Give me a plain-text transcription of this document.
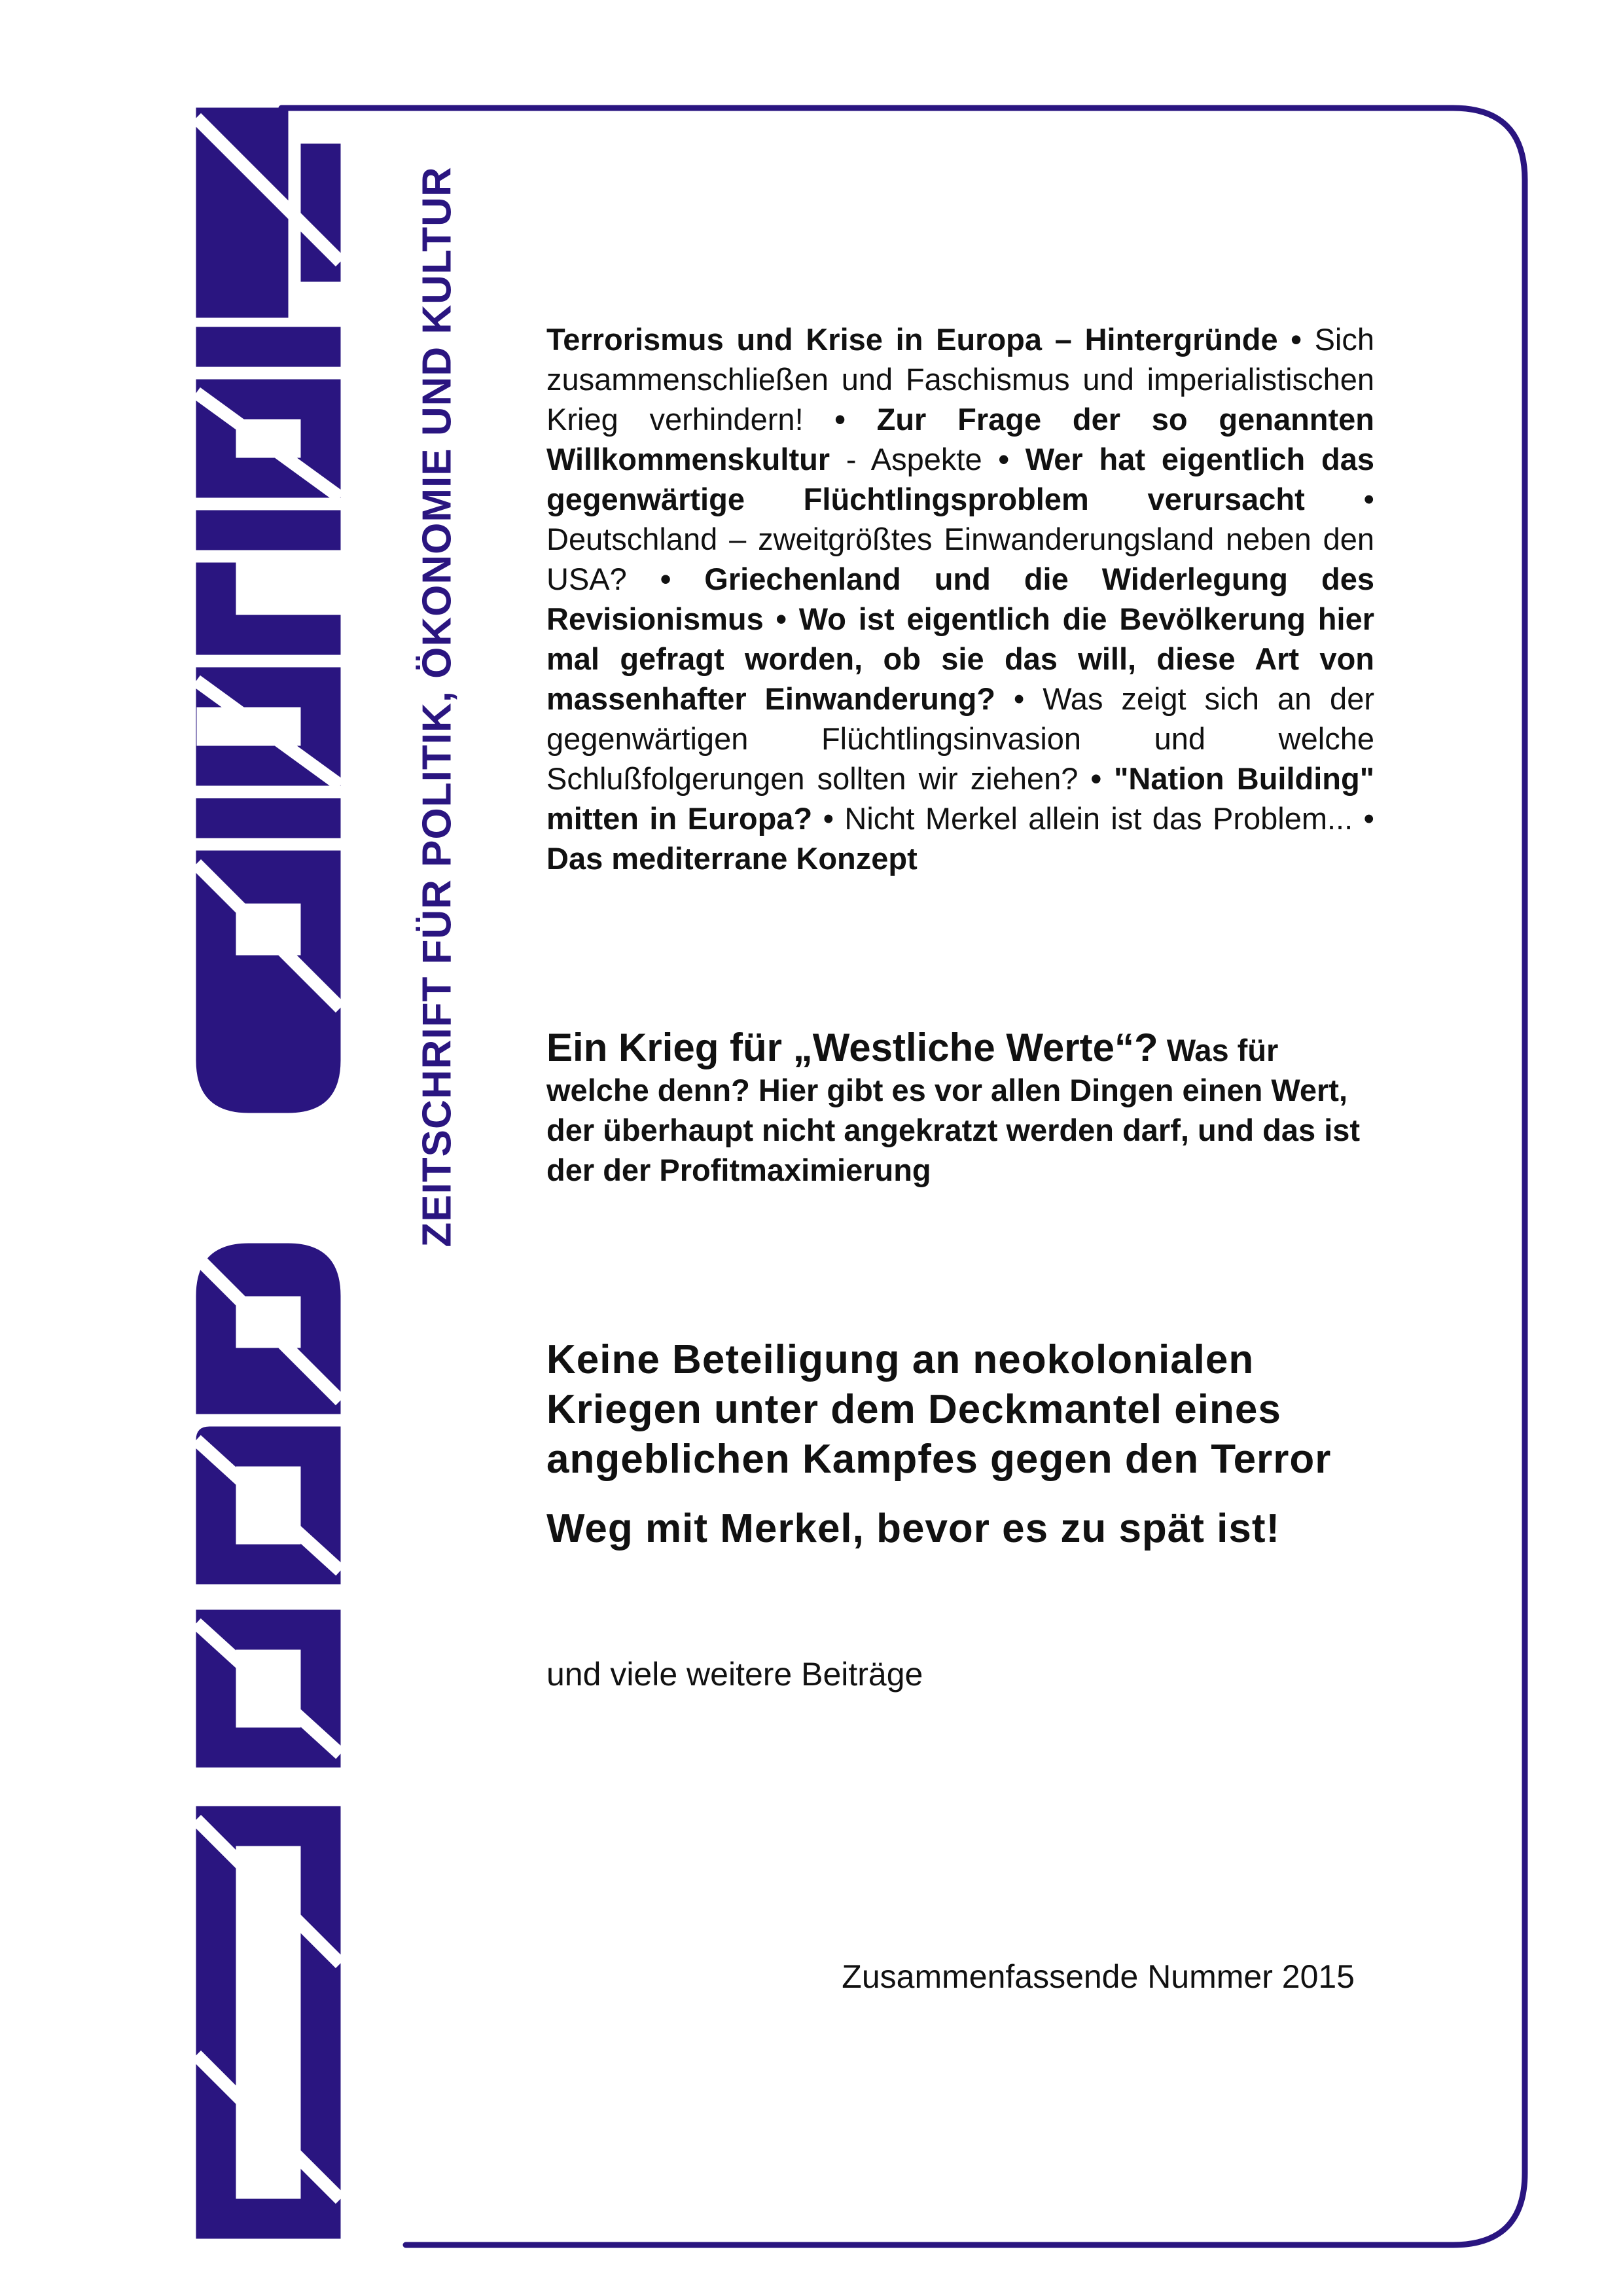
ZEITSCHRIFT FÜR POLITIK, ÖKONOMIE UND KULTUR	Terrorismus und Krise in Europa – Hintergründe • Sich zusammenschließen und Faschismus und imperialistischen Krieg verhindern! • Zur Frage der so genannten Willkommenskultur - Aspekte • Wer hat eigentlich das gegenwärtige Flüchtlingsproblem verursacht • Deutschland – zweitgrößtes Einwanderungsland neben den USA? • Griechenland und die Widerlegung des Revisionismus • Wo ist eigentlich die Bevölkerung hier mal gefragt worden, ob sie das will, diese Art von massenhafter Einwanderung? • Was zeigt sich an der gegenwärtigen Flüchtlingsinvasion und welche Schlußfolgerungen sollten wir ziehen? • "Nation Building" mitten in Europa? • Nicht Merkel allein ist das Problem... • Das mediterrane Konzept
Ein Krieg für „Westliche Werte“? Was für welche denn? Hier gibt es vor allen Dingen einen Wert, der überhaupt nicht angekratzt werden darf, und das ist der der Profitmaximierung
Keine Beteiligung an neokolonialen Kriegen unter dem Deckmantel eines angeblichen Kampfes gegen den Terror
Weg mit Merkel, bevor es zu spät ist!
und viele weitere Beiträge
Zusammenfassende Nummer 2015
